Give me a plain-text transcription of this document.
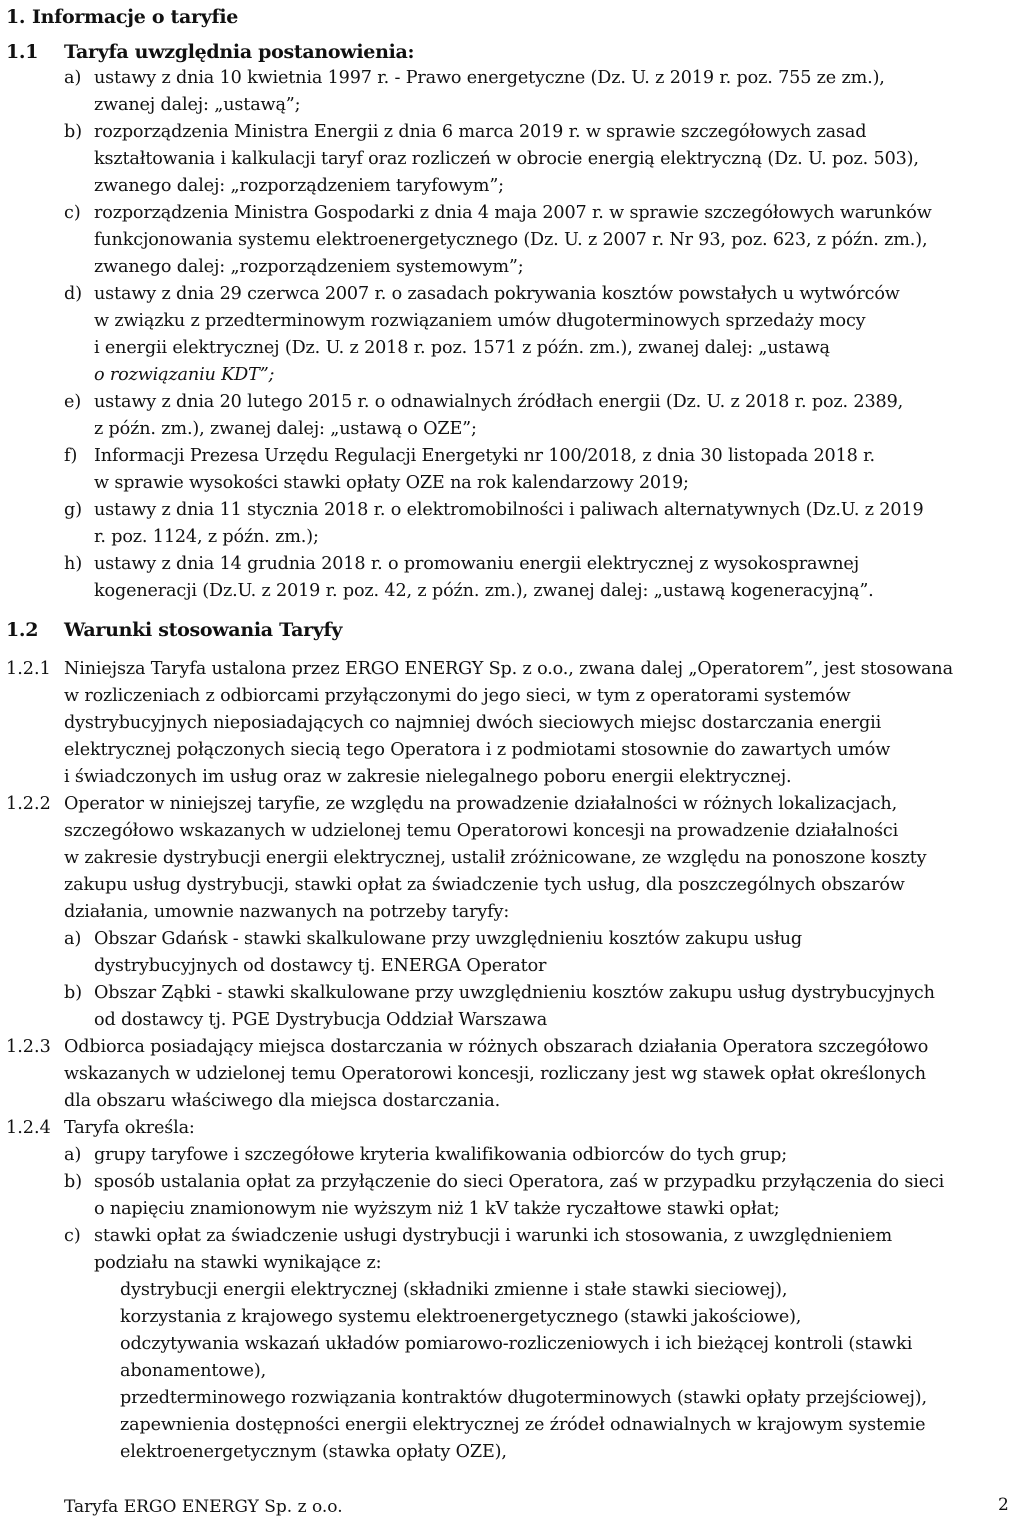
1. Informacje o taryfie
1.1 Taryfa uwzględnia postanowienia:
a) ustawy z dnia 10 kwietnia 1997 r. - Prawo energetyczne (Dz. U. z 2019 r. poz. 755 ze zm.),
zwanej dalej: „ustawą”;
b) rozporządzenia Ministra Energii z dnia 6 marca 2019 r. w sprawie szczegółowych zasad
kształtowania i kalkulacji taryf oraz rozliczeń w obrocie energią elektryczną (Dz. U. poz. 503),
zwanego dalej: „rozporządzeniem taryfowym”;
c) rozporządzenia Ministra Gospodarki z dnia 4 maja 2007 r. w sprawie szczegółowych warunków
funkcjonowania systemu elektroenergetycznego (Dz. U. z 2007 r. Nr 93, poz. 623, z późn. zm.),
zwanego dalej: „rozporządzeniem systemowym”;
d) ustawy z dnia 29 czerwca 2007 r. o zasadach pokrywania kosztów powstałych u wytwórców
w związku z przedterminowym rozwiązaniem umów długoterminowych sprzedaży mocy
i energii elektrycznej (Dz. U. z 2018 r. poz. 1571 z późn. zm.), zwanej dalej: „ustawą
o rozwiązaniu KDT”;
e) ustawy z dnia 20 lutego 2015 r. o odnawialnych źródłach energii (Dz. U. z 2018 r. poz. 2389,
z późn. zm.), zwanej dalej: „ustawą o OZE”;
f) Informacji Prezesa Urzędu Regulacji Energetyki nr 100/2018, z dnia 30 listopada 2018 r.
w sprawie wysokości stawki opłaty OZE na rok kalendarzowy 2019;
g) ustawy z dnia 11 stycznia 2018 r. o elektromobilności i paliwach alternatywnych (Dz.U. z 2019
r. poz. 1124, z późn. zm.);
h) ustawy z dnia 14 grudnia 2018 r. o promowaniu energii elektrycznej z wysokosprawnej
kogeneracji (Dz.U. z 2019 r. poz. 42, z późn. zm.), zwanej dalej: „ustawą kogeneracyjną”.
1.2 Warunki stosowania Taryfy
1.2.1 Niniejsza Taryfa ustalona przez ERGO ENERGY Sp. z o.o., zwana dalej „Operatorem”, jest stosowana
w rozliczeniach z odbiorcami przyłączonymi do jego sieci, w tym z operatorami systemów
dystrybucyjnych nieposiadających co najmniej dwóch sieciowych miejsc dostarczania energii
elektrycznej połączonych siecią tego Operatora i z podmiotami stosownie do zawartych umów
i świadczonych im usług oraz w zakresie nielegalnego poboru energii elektrycznej.
1.2.2 Operator w niniejszej taryfie, ze względu na prowadzenie działalności w różnych lokalizacjach,
szczegółowo wskazanych w udzielonej temu Operatorowi koncesji na prowadzenie działalności
w zakresie dystrybucji energii elektrycznej, ustalił zróżnicowane, ze względu na ponoszone koszty
zakupu usług dystrybucji, stawki opłat za świadczenie tych usług, dla poszczególnych obszarów
działania, umownie nazwanych na potrzeby taryfy:
a) Obszar Gdańsk - stawki skalkulowane przy uwzględnieniu kosztów zakupu usług
dystrybucyjnych od dostawcy tj. ENERGA Operator
b) Obszar Ząbki - stawki skalkulowane przy uwzględnieniu kosztów zakupu usług dystrybucyjnych
od dostawcy tj. PGE Dystrybucja Oddział Warszawa
1.2.3 Odbiorca posiadający miejsca dostarczania w różnych obszarach działania Operatora szczegółowo
wskazanych w udzielonej temu Operatorowi koncesji, rozliczany jest wg stawek opłat określonych
dla obszaru właściwego dla miejsca dostarczania.
1.2.4 Taryfa określa:
a) grupy taryfowe i szczegółowe kryteria kwalifikowania odbiorców do tych grup;
b) sposób ustalania opłat za przyłączenie do sieci Operatora, zaś w przypadku przyłączenia do sieci
o napięciu znamionowym nie wyższym niż 1 kV także ryczałtowe stawki opłat;
c) stawki opłat za świadczenie usługi dystrybucji i warunki ich stosowania, z uwzględnieniem
podziału na stawki wynikające z:
dystrybucji energii elektrycznej (składniki zmienne i stałe stawki sieciowej),
korzystania z krajowego systemu elektroenergetycznego (stawki jakościowe),
odczytywania wskazań układów pomiarowo-rozliczeniowych i ich bieżącej kontroli (stawki
abonamentowe),
przedterminowego rozwiązania kontraktów długoterminowych (stawki opłaty przejściowej),
zapewnienia dostępności energii elektrycznej ze źródeł odnawialnych w krajowym systemie
elektroenergetycznym (stawka opłaty OZE),
Taryfa ERGO ENERGY Sp. z o.o.	2
